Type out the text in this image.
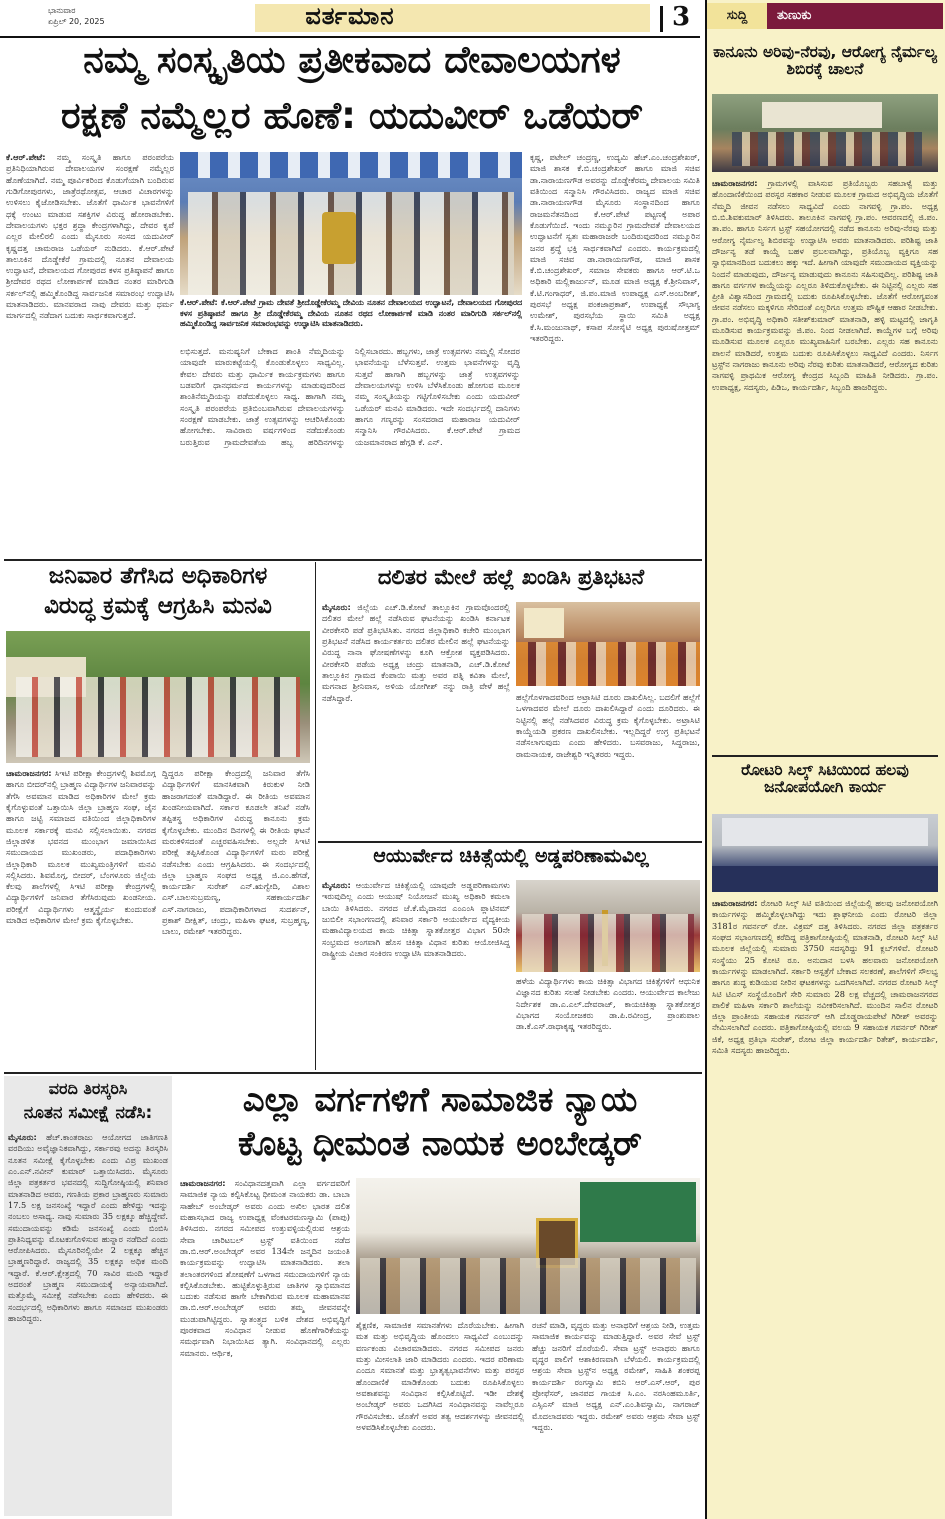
ಭಾನುವಾರ
ಏಪ್ರಿಲ್ 20, 2025	ವರ್ತಮಾನ	3	ಸುದ್ದಿ	ತುಣುಕು
ಕಾನೂನು ಅರಿವು-ನೆರವು, ಆರೋಗ್ಯ ನೈರ್ಮಲ್ಯ ಶಿಬಿರಕ್ಕೆ ಚಾಲನೆ
ಚಾಮರಾಜನಗರ: ಗ್ರಾಮಗಳಲ್ಲಿ ವಾಸಿಸುವ ಪ್ರತಿಯೊಬ್ಬರು ಸಹಬಾಳ್ವೆ ಮತ್ತು ಹೊಂದಾಣಿಕೆಯಿಂದ ಪರಸ್ಪರ ಸಹಕಾರ ನೀಡುವ ಮೂಲಕ ಗ್ರಾಮದ ಅಭಿವೃದ್ಧಿಯ ಜೊತೆಗೆ ನೆಮ್ಮದಿ ಜೀವನ ನಡೆಸಲು ಸಾಧ್ಯವಿದೆ ಎಂದು ನಾಗವಳ್ಳಿ ಗ್ರಾ.ಪಂ. ಅಧ್ಯಕ್ಷ ಬಿ.ಬಿ.ಶಿವಕುಮಾರ್ ತಿಳಿಸಿದರು. ತಾಲೂಕಿನ ನಾಗವಳ್ಳಿ ಗ್ರಾ.ಪಂ. ಆವರಣದಲ್ಲಿ ಜಿ.ಪಂ. ತಾ.ಪಂ. ಹಾಗೂ ನಿರ್ಸಗ ಟ್ರಸ್ಟ್ ಸಹಯೋಗದಲ್ಲಿ ನಡೆದ ಕಾನೂನು ಅರಿವು-ನೆರವು ಮತ್ತು ಆರೋಗ್ಯ ನೈರ್ಮಲ್ಯ ಶಿಬಿರವನ್ನು ಉದ್ಘಾಟಿಸಿ ಅವರು ಮಾತನಾಡಿದರು. ಪರಿಶಿಷ್ಟ ಜಾತಿ ದೌರ್ಜನ್ಯ ತಡೆ ಕಾಯ್ದೆ ಬಹಳ ಪ್ರಬಲವಾಗಿದ್ದು, ಪ್ರತಿಯೊಬ್ಬ ವ್ಯಕ್ತಿಗೂ ಸಹ ಸ್ವಾಭಿಮಾನದಿಂದ ಬದುಕಲು ಹಕ್ಕು ಇದೆ. ಹೀಗಾಗಿ ಯಾವುದೇ ಸಮುದಾಯದ ವ್ಯಕ್ತಿಯನ್ನು ನಿಂದನೆ ಮಾಡುವುದು, ದೌರ್ಜನ್ಯ ಮಾಡುವುದು ಕಾನೂನು ಸಹಿಸುವುದಿಲ್ಲ. ಪರಿಶಿಷ್ಟ ಜಾತಿ ಹಾಗೂ ವರ್ಗಗಳ ಕಾಯ್ದೆಯನ್ನು ಎಲ್ಲರೂ ತಿಳಿದುಕೊಳ್ಳಬೇಕು. ಈ ನಿಟ್ಟಿನಲ್ಲಿ ಎಲ್ಲರು ಸಹ ಪ್ರೀತಿ ವಿಶ್ವಾಸದಿಂದ ಗ್ರಾಮದಲ್ಲಿ ಬದುಕು ರೂಪಿಸಿಕೊಳ್ಳಬೇಕು. ಜೊತೆಗೆ ಆರೋಗ್ಯವಂತ ಜೀವನ ನಡೆಸಲು ಮಕ್ಕಳಿಗೂ ಸೇರಿದಂತೆ ಎಲ್ಲರಿಗೂ ಉತ್ತಮ ಪೌಷ್ಟಿಕ ಆಹಾರ ನೀಡಬೇಕು. ಗ್ರಾ.ಪಂ. ಅಭಿವೃದ್ಧಿ ಅಧಿಕಾರಿ ಸತೀಶ್‌ಕುಮಾರ್ ಮಾತನಾಡಿ, ಹಳ್ಳಿ ಮಟ್ಟದಲ್ಲಿ ಜಾಗೃತಿ ಮೂಡಿಸುವ ಕಾರ್ಯಕ್ರಮವನ್ನು ಜಿ.ಪಂ. ನಿಂದ ನೀಡಲಾಗಿದೆ. ಕಾಯ್ದೆಗಳ ಬಗ್ಗೆ ಅರಿವು ಮೂಡಿಸುವ ಮೂಲಕ ಎಲ್ಲರೂ ಮುಖ್ಯವಾಹಿನಿಗೆ ಬರಬೇಕು. ಎಲ್ಲರು ಸಹ ಕಾನೂನು ಪಾಲನೆ ಮಾಡಿದರೆ, ಉತ್ತಮ ಬದುಕು ರೂಪಿಸಿಕೊಳ್ಳಲು ಸಾಧ್ಯವಿದೆ ಎಂದರು. ನಿರ್ಸಗ ಟ್ರಸ್ಟ್‌ನ ನಾಗರಾಜು ಕಾನೂನು ಅರಿವು ನೆರವು ಕುರಿತು ಮಾತನಾಡಿದರೆ, ಆರೋಗ್ಯದ ಕುರಿತು ನಾಗವಳ್ಳಿ ಪ್ರಾಥಮಿಕ ಆರೋಗ್ಯ ಕೇಂದ್ರದ ಸಿಬ್ಬಂದಿ ಮಾಹಿತಿ ನೀಡಿದರು. ಗ್ರಾ.ಪಂ. ಉಪಾಧ್ಯಕ್ಷ, ಸದಸ್ಯರು, ಪಿಡಿಒ, ಕಾರ್ಯದರ್ಶಿ, ಸಿಬ್ಬಂದಿ ಹಾಜರಿದ್ದರು.
ರೋಟರಿ ಸಿಲ್ಕ್ ಸಿಟಿಯಿಂದ ಹಲವು ಜನೋಪಯೋಗಿ ಕಾರ್ಯ
ಚಾಮರಾಜನಗರ: ರೋಟರಿ ಸಿಲ್ಕ್ ಸಿಟಿ ವತಿಯಿಂದ ಜಿಲ್ಲೆಯಲ್ಲಿ ಹಲವು ಜನೋಪಯೋಗಿ ಕಾರ್ಯಗಳನ್ನು ಹಮ್ಮಿಕೊಳ್ಳಲಾಗಿದ್ದು ಇದು ಶ್ಲಾಘನೀಯ ಎಂದು ರೋಟರಿ ಜಿಲ್ಲಾ 3181ರ ಗವರ್ನರ್ ರೋ. ವಿಕ್ರಮ್ ದತ್ತ ತಿಳಿಸಿದರು. ನಗರದ ಜಿಲ್ಲಾ ಪತ್ರಕರ್ತರ ಸಂಘದ ಸಭಾಂಗಣದಲ್ಲಿ ಕರೆದಿದ್ದ ಪತ್ರಿಕಾಗೋಷ್ಠಿಯಲ್ಲಿ ಮಾತನಾಡಿ, ರೋಟರಿ ಸಿಲ್ಕ್ ಸಿಟಿ ಮೂಲಕ ಜಿಲ್ಲೆಯಲ್ಲಿ ಸುಮಾರು 3750 ಸದಸ್ಯರಿದ್ದು 91 ಕ್ಲಬ್‌ಗಳಿವೆ. ರೋಟರಿ ಸಂಸ್ಥೆಯು 25 ಕೋಟಿ ರೂ. ಅನುದಾನ ಬಳಸಿ ಹಲವಾರು ಜನೋಪಯೋಗಿ ಕಾರ್ಯಗಳನ್ನು ಮಾಡಲಾಗಿದೆ. ಸರ್ಕಾರಿ ಆಸ್ಪತ್ರೆಗೆ ಬೇಕಾದ ಸಲಕರಣೆ, ಶಾಲೆಗಳಿಗೆ ಸೌಲಭ್ಯ ಹಾಗೂ ಶುದ್ಧ ಕುಡಿಯುವ ನೀರಿನ ಘಟಕಗಳನ್ನು ಒದಗಿಸಲಾಗಿದೆ. ನಗರದ ರೋಟರಿ ಸಿಲ್ಕ್ ಸಿಟಿ ಟಿಎಸ್ ಸಂಸ್ಥೆಯೊಂದಿಗೆ ಸೇರಿ ಸುಮಾರು 28 ಲಕ್ಷ ವೆಚ್ಚದಲ್ಲಿ ಚಾಮರಾಜನಗರದ ಪಾಲಿಕೆ ಮಹಿಳಾ ಸರ್ಕಾರಿ ಶಾಲೆಯನ್ನು ನವೀಕರಿಸಲಾಗಿದೆ. ಮುಂದಿನ ಸಾಲಿನ ರೋಟರಿ ಜಿಲ್ಲಾ ಪ್ರಾಂತೀಯ ಸಹಾಯಕ ಗವರ್ನರ್ ಆಗಿ ದೊಡ್ಡರಾಯಪೇಟೆ ಗಿರೀಶ್ ಅವರನ್ನು ನೇಮಿಸಲಾಗಿದೆ ಎಂದರು. ಪತ್ರಿಕಾಗೋಷ್ಠಿಯಲ್ಲಿ ವಲಯ 9 ಸಹಾಯಕ ಗವರ್ನರ್ ಗಿರೀಶ್ ಜಿಕೆ, ಅಧ್ಯಕ್ಷ ಪ್ರತಿಭಾ ಸುರೇಶ್, ರೋಟ ಜಿಲ್ಲಾ ಕಾರ್ಯದರ್ಶಿ ರಿತೇಶ್, ಕಾರ್ಯದರ್ಶಿ, ಸಮಿತಿ ಸದಸ್ಯರು ಹಾಜರಿದ್ದರು.
ನಮ್ಮ ಸಂಸ್ಕೃತಿಯ ಪ್ರತೀಕವಾದ ದೇವಾಲಯಗಳ
ರಕ್ಷಣೆ ನಮ್ಮೆಲ್ಲರ ಹೊಣೆ: ಯದುವೀರ್ ಒಡೆಯರ್
ಕೆ.ಆರ್.ಪೇಟೆ: ನಮ್ಮ ಸಂಸ್ಕೃತಿ ಹಾಗೂ ಪರಂಪರೆಯ ಪ್ರತಿನಿಧಿಯಾಗಿರುವ ದೇವಾಲಯಗಳ ಸಂರಕ್ಷಣೆ ನಮ್ಮೆಲ್ಲರ ಹೊಣೆಯಾಗಿದೆ. ನಮ್ಮ ಪೂರ್ವಿಕರಿಂದ ಕೊಡುಗೆಯಾಗಿ ಬಂದಿರುವ ಗುಡಿಗೋಪುರಗಳು, ಜಾತ್ರೆರಥೋತ್ಸವ, ಆಚಾರ ವಿಚಾರಗಳನ್ನು ಉಳಿಸಲು ಕೈಜೋಡಿಸಬೇಕು. ಜೊತೆಗೆ ಧಾರ್ಮಿಕ ಭಾವನೆಗಳಿಗೆ ಧಕ್ಕೆ ಉಂಟು ಮಾಡುವ ಸಶಕ್ತಿಗಳ ವಿರುದ್ಧ ಹೋರಾಡಬೇಕು. ದೇವಾಲಯಗಳು ಭಕ್ತರ ಶ್ರದ್ಧಾ ಕೇಂದ್ರಗಳಾಗಿದ್ದು, ದೇವರ ಕೃಪೆ ಎಲ್ಲರ ಮೇಲಿರಲಿ ಎಂದು ಮೈಸೂರು ಸಂಸದ ಯದುವೀರ್ ಕೃಷ್ಣದತ್ತ ಚಾಮರಾಜ ಒಡೆಯರ್ ನುಡಿದರು. ಕೆ.ಆರ್.ಪೇಟೆ ತಾಲೂಕಿನ ದೊಡ್ಡೇಕೆರೆ ಗ್ರಾಮದಲ್ಲಿ ನೂತನ ದೇವಾಲಯ ಉದ್ಘಾಟನೆ, ದೇವಾಲಯದ ಗೋಪುರದ ಕಳಸ ಪ್ರತಿಷ್ಠಾಪನೆ ಹಾಗೂ ಶ್ರೀದೇವರ ರಥದ ಲೋಕಾರ್ಪಣೆ ಮಾಡಿದ ನಂತರ ಮಾರಿಗುಡಿ ಸರ್ಕಲ್‌ನಲ್ಲಿ ಹಮ್ಮಿಕೊಂಡಿದ್ದ ಸಾರ್ವಜನಿಕ ಸಮಾರಂಭ ಉದ್ಘಾಟಿಸಿ ಮಾತನಾಡಿದರು. ಮಾನವರಾದ ನಾವು ದೇವರು ಮತ್ತು ಧರ್ಮ ಮಾರ್ಗದಲ್ಲಿ ನಡೆದಾಗ ಬದುಕು ಸಾರ್ಥಕವಾಗುತ್ತದೆ.
ಕೆ.ಆರ್.ಪೇಟೆ: ಕೆ.ಆರ್.ಪೇಟೆ ಗ್ರಾಮ ದೇವತೆ ಶ್ರೀದೊಡ್ಡೇಕೆರಮ್ಮ ದೇವಿಯ ನೂತನ ದೇವಾಲಯದ ಉದ್ಘಾಟನೆ, ದೇವಾಲಯದ ಗೋಪುರದ ಕಳಸ ಪ್ರತಿಷ್ಠಾಪನೆ ಹಾಗೂ ಶ್ರೀ ದೊಡ್ಡೇಕೆರಮ್ಮ ದೇವಿಯ ನೂತನ ರಥದ ಲೋಕಾರ್ಪಣೆ ಮಾಡಿ ನಂತರ ಮಾರಿಗುಡಿ ಸರ್ಕಲ್‌ನಲ್ಲಿ ಹಮ್ಮಿಕೊಂಡಿದ್ದ ಸಾರ್ವಜನಿಕ ಸಮಾರಂಭವನ್ನು ಉದ್ಘಾಟಿಸಿ ಮಾತನಾಡಿದರು.
ಲಭಿಸುತ್ತದೆ. ಮನುಷ್ಯನಿಗೆ ಬೇಕಾದ ಶಾಂತಿ ನೆಮ್ಮದಿಯನ್ನು ಯಾವುದೇ ಮಾರುಕಟ್ಟೆಯಲ್ಲಿ ಕೊಂಡುಕೊಳ್ಳಲು ಸಾಧ್ಯವಿಲ್ಲ. ಕೇವಲ ದೇವರು ಮತ್ತು ಧಾರ್ಮಿಕ ಕಾರ್ಯಕ್ರಮಗಳು ಹಾಗೂ ಬಡವರಿಗೆ ಧಾನಧರ್ಮದ ಕಾರ್ಯಗಳನ್ನು ಮಾಡುವುದರಿಂದ ಶಾಂತಿನೆಮ್ಮದಿಯನ್ನು ಪಡೆದುಕೊಳ್ಳಲು ಸಾಧ್ಯ. ಹಾಗಾಗಿ ನಮ್ಮ ಸಂಸ್ಕೃತಿ ಪರಂಪರೆಯ ಪ್ರತಿಬಿಂಬವಾಗಿರುವ ದೇವಾಲಯಗಳನ್ನು ಸಂರಕ್ಷಣೆ ಮಾಡಬೇಕು. ಜಾತ್ರೆ ಉತ್ಸವಗಳನ್ನು ಆಚರಿಸಿಕೊಂಡು ಹೋಗಬೇಕು. ಸಾವಿರಾರು ವರ್ಷಗಳಿಂದ ನಡೆದುಕೊಂಡು ಬರುತ್ತಿರುವ ಗ್ರಾಮದೇವತೆಯ ಹಬ್ಬ ಹರಿದಿನಗಳನ್ನು ನಿಲ್ಲಿಸಬಾರದು. ಹಬ್ಬಗಳು, ಜಾತ್ರೆ ಉತ್ಸವಗಳು ನಮ್ಮಲ್ಲಿ ಸೋದರ ಭಾವನೆಯನ್ನು ಬೆಳೆಸುತ್ತವೆ. ಉತ್ತಮ ಭಾವನೆಗಳನ್ನು ವೃದ್ಧಿ ಸುತ್ತವೆ ಹಾಗಾಗಿ ಹಬ್ಬಗಳನ್ನು ಜಾತ್ರೆ ಉತ್ಸವಗಳನ್ನು ದೇವಾಲಯಗಳನ್ನು ಉಳಿಸಿ ಬೆಳೆಸಿಕೊಂಡು ಹೋಗುವ ಮೂಲಕ ನಮ್ಮ ಸಂಸ್ಕೃತಿಯನ್ನು ಗಟ್ಟಿಗೊಳಿಸಬೇಕು ಎಂದು ಯದುವೀರ್ ಒಡೆಯರ್ ಮನವಿ ಮಾಡಿದರು. ಇದೇ ಸಂದರ್ಭದಲ್ಲಿ ದಾನಿಗಳು ಹಾಗೂ ಗಣ್ಯರನ್ನು ಸಂಸದರಾದ ಮಹಾರಾಜ ಯದುವೀರ್ ಸನ್ಮಾನಿಸಿ ಗೌರವಿಸಿದರು. ಕೆ.ಆರ್.ಪೇಟೆ ಗ್ರಾಮದ ಯಜಮಾನರಾದ ಹೆಗ್ಗಡಿ ಕೆ. ಎನ್.
ಕೃಷ್ಣ, ಪಟೇಲ್ ಚಂದ್ರಣ್ಣ, ಉದ್ಯಮಿ ಹೆಚ್.ಎಂ.ಚಂದ್ರಶೇಖರ್, ಮಾಜಿ ಶಾಸಕ ಕೆ.ಬಿ.ಚಂದ್ರಶೇಖರ್ ಹಾಗೂ ಮಾಜಿ ಸಚಿವ ಡಾ.ನಾರಾಯಣಗೌಡ ಅವರನ್ನು ದೊಡ್ಡೇಕೆರಮ್ಮ ದೇವಾಲಯ ಸಮಿತಿ ವತಿಯಿಂದ ಸನ್ಮಾನಿಸಿ ಗೌರವಿಸಿದರು. ರಾಜ್ಯದ ಮಾಜಿ ಸಚಿವ ಡಾ.ನಾರಾಯಣಗೌಡ ಮೈಸೂರು ಸಂಸ್ಥಾನದಿಂದ ಹಾಗೂ ರಾಜಮನೆತನದಿಂದ ಕೆ.ಆರ್.ಪೇಟೆ ಪಟ್ಟಣಕ್ಕೆ ಅಪಾರ ಕೊಡುಗೆಯಿದೆ. ಇಂದು ನಮ್ಮೂರಿನ ಗ್ರಾಮದೇವತೆ ದೇವಾಲಯದ ಉದ್ಘಾಟನೆಗೆ ಸ್ವತಃ ಮಹಾರಾಜರೇ ಬಂದಿರುವುದರಿಂದ ನಮ್ಮೂರಿನ ಜನರ ಶ್ರದ್ಧೆ ಭಕ್ತಿ ಸಾರ್ಥಕವಾಗಿದೆ ಎಂದರು. ಕಾರ್ಯಕ್ರಮದಲ್ಲಿ ಮಾಜಿ ಸಚಿವ ಡಾ.ನಾರಾಯಣಗೌಡ, ಮಾಜಿ ಶಾಸಕ ಕೆ.ಬಿ.ಚಂದ್ರಶೇಖರ್, ಸಮಾಜ ಸೇವಕರು ಹಾಗೂ ಆರ್.ಟಿ.ಒ ಅಧಿಕಾರಿ ಮಲ್ಲಿಕಾರ್ಜುನ್, ಮೂಡ ಮಾಜಿ ಅಧ್ಯಕ್ಷ ಕೆ.ಶ್ರೀನಿವಾಸ್, ಕೆ.ಟಿ.ಗಂಗಾಧರ್, ಜಿ.ಪಂ.ಮಾಜಿ ಉಪಾಧ್ಯಕ್ಷ ಎಸ್.ಅಂಬರೀಶ್, ಪುರಸಭೆ ಅಧ್ಯಕ್ಷ ಪಂಕಜಾಪ್ರಕಾಶ್, ಉಪಾಧ್ಯಕ್ಷೆ ಸೌಭಾಗ್ಯ ಉಮೇಶ್, ಪುರಸಭೆಯ ಸ್ಥಾಯಿ ಸಮಿತಿ ಅಧ್ಯಕ್ಷ ಕೆ.ಸಿ.ಮಂಜುನಾಥ್, ಕಸಾಪ ಸೋಸೈಟಿ ಅಧ್ಯಕ್ಷ ಪುರುಷೋತ್ತಮ್ ಇತರರಿದ್ದರು.
ಜನಿವಾರ ತೆಗೆಸಿದ ಅಧಿಕಾರಿಗಳ
ವಿರುದ್ಧ ಕ್ರಮಕ್ಕೆ ಆಗ್ರಹಿಸಿ ಮನವಿ
ಚಾಮರಾಜನಗರ: ಸಿಇಟಿ ಪರೀಕ್ಷಾ ಕೇಂದ್ರಗಳಲ್ಲಿ ಶಿವಮೊಗ್ಗ ಹಾಗೂ ಬೀದರ್‌ನಲ್ಲಿ ಬ್ರಾಹ್ಮಣ ವಿದ್ಯಾರ್ಥಿಗಳ ಜನಿವಾರವನ್ನು ತೆಗೆಸಿ ಅವಮಾನ ಮಾಡಿದ ಅಧಿಕಾರಿಗಳ ಮೇಲೆ ಕ್ರಮ ಕೈಗೊಳ್ಳುವಂತೆ ಒತ್ತಾಯಿಸಿ ಜಿಲ್ಲಾ ಬ್ರಾಹ್ಮಣ ಸಂಘ, ಜೈನ ಹಾಗೂ ಜಟ್ಟಿ ಸಮಾಜದ ವತಿಯಿಂದ ಜಿಲ್ಲಾಧಿಕಾರಿಗಳ ಮೂಲಕ ಸರ್ಕಾರಕ್ಕೆ ಮನವಿ ಸಲ್ಲಿಸಲಾಯಿತು. ನಗರದ ಜಿಲ್ಲಾಡಳಿತ ಭವನದ ಮುಂಭಾಗ ಜಮಾಯಿಸಿದ ಸಮುದಾಯದ ಮುಖಂಡರು, ಪದಾಧಿಕಾರಿಗಳು ಜಿಲ್ಲಾಧಿಕಾರಿ ಮೂಲಕ ಮುಖ್ಯಮಂತ್ರಿಗಳಿಗೆ ಮನವಿ ಸಲ್ಲಿಸಿದರು. ಶಿವಮೊಗ್ಗ, ಬೀದರ್, ಬೆಂಗಳೂರು ಜಿಲ್ಲೆಯ ಕೆಲವು ಶಾಲೆಗಳಲ್ಲಿ ಸಿಇಟಿ ಪರೀಕ್ಷಾ ಕೇಂದ್ರಗಳಲ್ಲಿ ವಿದ್ಯಾರ್ಥಿಗಳಿಗೆ ಜನಿವಾರ ತೆಗೆಸಿರುವುದು ಖಂಡನೀಯ. ಪರೀಕ್ಷೆಗೆ ವಿದ್ಯಾರ್ಥಿಗಳು ಆತ್ಮಸ್ಥೈರ್ಯ ಕುಂದುವಂತೆ ಮಾಡಿದ ಅಧಿಕಾರಿಗಳ ಮೇಲೆ ಕ್ರಮ ಕೈಗೊಳ್ಳಬೇಕು.
ದ್ದಿದ್ದರೂ ಪರೀಕ್ಷಾ ಕೇಂದ್ರದಲ್ಲಿ ಜನಿವಾರ ತೆಗೆಸಿ ವಿದ್ಯಾರ್ಥಿಗಳಿಗೆ ಮಾನಸಿಕವಾಗಿ ಕಿರುಕುಳ ನೀಡಿ ಹಾಜರಾಗದಂತೆ ಮಾಡಿದ್ದಾರೆ. ಈ ರೀತಿಯ ಅವಮಾನ ಖಂಡನೀಯವಾಗಿದೆ. ಸರ್ಕಾರ ಕೂಡಲೇ ತನಿಖೆ ನಡೆಸಿ ತಪ್ಪಿತಸ್ಥ ಅಧಿಕಾರಿಗಳ ವಿರುದ್ಧ ಕಾನೂನು ಕ್ರಮ ಕೈಗೊಳ್ಳಬೇಕು. ಮುಂದಿನ ದಿನಗಳಲ್ಲಿ ಈ ರೀತಿಯ ಘಟನೆ ಮರುಕಳಿಸದಂತೆ ಎಚ್ಚರವಹಿಸಬೇಕು. ಅಲ್ಲದೇ ಸಿಇಟಿ ಪರೀಕ್ಷೆ ತಪ್ಪಿಸಿಕೊಂಡ ವಿದ್ಯಾರ್ಥಿಗಳಿಗೆ ಮರು ಪರೀಕ್ಷೆ ನಡೆಸಬೇಕು ಎಂದು ಆಗ್ರಹಿಸಿದರು. ಈ ಸಂದರ್ಭದಲ್ಲಿ ಜಿಲ್ಲಾ ಬ್ರಾಹ್ಮಣ ಸಂಘದ ಅಧ್ಯಕ್ಷ ಜಿ.ಎಂ.ಹೆಗಡೆ, ಕಾರ್ಯದರ್ಶಿ ಸುರೇಶ್ ಎನ್.ಋಗ್ವೇದಿ, ವಿಶಾಲ ಎಸ್.ಬಾಲಸುಬ್ರಮಣ್ಯ, ಸಹಕಾರ್ಯದರ್ಶಿ ಎಸ್.ನಾಗರಾಜು, ಪದಾಧಿಕಾರಿಗಳಾದ ಸುದರ್ಶನ್, ಪ್ರಕಾಶ್ ದೀಕ್ಷಿತ್, ಚಂದ್ರು, ಮಹಿಳಾ ಘಟಕ, ಸುಬ್ರಹ್ಮಣ್ಯ, ಬಾಲು, ರಮೇಶ್ ಇತರರಿದ್ದರು.
ದಲಿತರ ಮೇಲೆ ಹಲ್ಲೆ ಖಂಡಿಸಿ ಪ್ರತಿಭಟನೆ
ಮೈಸೂರು: ಜಿಲ್ಲೆಯ ಎಚ್.ಡಿ.ಕೋಟೆ ತಾಲ್ಲೂಕಿನ ಗ್ರಾಮವೊಂದರಲ್ಲಿ ದಲಿತರ ಮೇಲೆ ಹಲ್ಲೆ ನಡೆಸಿರುವ ಘಟನೆಯನ್ನು ಖಂಡಿಸಿ ಕರ್ನಾಟಕ ವೀರಕೇಸರಿ ಪಡೆ ಪ್ರತಿಭಟಿಸಿತು. ನಗರದ ಜಿಲ್ಲಾಧಿಕಾರಿ ಕಚೇರಿ ಮುಂಭಾಗ ಪ್ರತಿಭಟನೆ ನಡೆಸಿದ ಕಾರ್ಯಕರ್ತರು ದಲಿತರ ಮೇಲಿನ ಹಲ್ಲೆ ಘಟನೆಯನ್ನು ವಿರುದ್ಧ ನಾನಾ ಘೋಷಣೆಗಳನ್ನು ಕೂಗಿ ಆಕ್ರೋಶ ವ್ಯಕ್ತಪಡಿಸಿದರು. ವೀರಕೇಸರಿ ಪಡೆಯ ಅಧ್ಯಕ್ಷ ಚಂದ್ರು ಮಾತನಾಡಿ, ಎಚ್.ಡಿ.ಕೋಟೆ ತಾಲ್ಲೂಕಿನ ಗ್ರಾಮದ ಕೆಂಪಾಯಿ ಮತ್ತು ಅವರ ಪತ್ನಿ ಕವಿತಾ ಮೇಲೆ, ಮಗನಾದ ಶ್ರೀನಿವಾಸ, ಅಳಿಯ ಯೋಗೀಶ್ ನನ್ನು ರಾತ್ರಿ ವೇಳೆ ಹಲ್ಲೆ ನಡೆಸಿದ್ದಾರೆ.	ಹಲ್ಲೆಗೊಳಗಾದವರಿಂದ ಅಟ್ರಾಸಿಟಿ ದೂರು ದಾಖಲಿಸಿಲ್ಲ. ಬದಲಿಗೆ ಹಲ್ಲೆಗೆ ಒಳಗಾದವರ ಮೇಲೆ ದೂರು ದಾಖಲಿಸಿದ್ದಾರೆ ಎಂದು ದೂರಿದರು. ಈ ನಿಟ್ಟಿನಲ್ಲಿ ಹಲ್ಲೆ ನಡೆಸಿದವರ ವಿರುದ್ಧ ಕ್ರಮ ಕೈಗೊಳ್ಳಬೇಕು. ಅಟ್ರಾಸಿಟಿ ಕಾಯ್ದೆಯಡಿ ಪ್ರಕರಣ ದಾಖಲಿಸಬೇಕು. ಇಲ್ಲದಿದ್ದರೆ ಉಗ್ರ ಪ್ರತಿಭಟನೆ ನಡೆಸಲಾಗುವುದು ಎಂದು ಹೇಳಿದರು. ಬಸವರಾಜು, ಸಿದ್ದರಾಜು, ರಾಮನಾಯಕ, ರಾಜೇಶ್ವರಿ ಇನ್ನಿತರರು ಇದ್ದರು.
ಆಯುರ್ವೇದ ಚಿಕಿತ್ಸೆಯಲ್ಲಿ ಅಡ್ಡಪರಿಣಾಮವಿಲ್ಲ
ಮೈಸೂರು: ಆಯುರ್ವೇದ ಚಿಕಿತ್ಸೆಯಲ್ಲಿ ಯಾವುದೇ ಅಡ್ಡಪರಿಣಾಮಗಳು ಇರುವುದಿಲ್ಲ ಎಂದು ಆಯುಷ್ ನಿಯೋಜನೆ ಮುಖ್ಯ ಅಧಿಕಾರಿ ಕಮಲಾ ಬಾಯಿ ತಿಳಿಸಿದರು. ನಗರದ ಜೆ.ಕೆ.ಮೈದಾನದ ಎಂಎಂಸಿ ಪ್ಲಾಟಿನಮ್ ಜುಬಿಲೀ ಸಭಾಂಗಣದಲ್ಲಿ ಶನಿವಾರ ಸರ್ಕಾರಿ ಆಯುರ್ವೇದ ವೈದ್ಯಕೀಯ ಮಹಾವಿದ್ಯಾಲಯದ ಕಾಯ ಚಿಕಿತ್ಸಾ ಸ್ನಾತಕೋತ್ತರ ವಿಭಾಗ 50ನೇ ಸಂಭ್ರಮದ ಅಂಗವಾಗಿ ಹೊಸ ಚಿಕಿತ್ಸಾ ವಿಧಾನ ಕುರಿತು ಆಯೋಜಿಸಿದ್ದ ರಾಷ್ಟ್ರೀಯ ವಿಚಾರ ಸಂಕಿರಣ ಉದ್ಘಾಟಿಸಿ ಮಾತನಾಡಿದರು.
ಹಳೆಯ ವಿದ್ಯಾರ್ಥಿಗಳು ಕಾಯ ಚಿಕಿತ್ಸಾ ವಿಭಾಗದ ಚಿಕಿತ್ಸೆಗಳಿಗೆ ಆಧುನಿಕ ವಿಜ್ಞಾನದ ಕುರಿತು ಸಲಹೆ ನೀಡಬೇಕು ಎಂದರು. ಆಯುರ್ವೇದ ಕಾಲೇಜು ನಿರ್ದೇಶಕ ಡಾ.ಎ.ಎಲ್.ದೇವರಾಜ್, ಕಾಯಚಿಕಿತ್ಸಾ ಸ್ನಾತಕೋತ್ತರ ವಿಭಾಗದ ಸಂಯೋಜಕರು ಡಾ.ಪಿ.ರವೀಂದ್ರ, ಪ್ರಾಂಶುಪಾಲ ಡಾ.ಕೆ.ಎಸ್.ರಾಧಾಕೃಷ್ಣ ಇತರರಿದ್ದರು.
ವರದಿ ತಿರಸ್ಕರಿಸಿ
ನೂತನ ಸಮೀಕ್ಷೆ ನಡೆಸಿ:
ಮೈಸೂರು: ಹೆಚ್.ಕಾಂತರಾಜು ಆಯೋಗದ ಜಾತಿಗಣತಿ ವರದಿಯು ಅವೈಜ್ಞಾನಿಕವಾಗಿದ್ದು, ಸರ್ಕಾರವು ಅದನ್ನು ತಿರಸ್ಕರಿಸಿ ನೂತನ ಸಮೀಕ್ಷೆ ಕೈಗೊಳ್ಳಬೇಕು ಎಂದು ವಿಪ್ರ ಮುಖಂಡ ಎಂ.ಎನ್.ನವೀನ್ ಕುಮಾರ್ ಒತ್ತಾಯಿಸಿದರು. ಮೈಸೂರು ಜಿಲ್ಲಾ ಪತ್ರಕರ್ತರ ಭವನದಲ್ಲಿ ಸುದ್ದಿಗೋಷ್ಠಿಯಲ್ಲಿ ಶನಿವಾರ ಮಾತನಾಡಿದ ಅವರು, ಗಣತಿಯ ಪ್ರಕಾರ ಬ್ರಾಹ್ಮಣರು ಸುಮಾರು 17.5 ಲಕ್ಷ ಜನಸಂಖ್ಯೆ ಇದ್ದಾರೆ ಎಂದು ಹೇಳಿದ್ದು ಇದನ್ನು ನಂಬಲು ಅಸಾಧ್ಯ. ನಾವು ಸುಮಾರು 35 ಲಕ್ಷಕ್ಕೂ ಹೆಚ್ಚಿದ್ದೇವೆ. ಸಮುದಾಯವನ್ನು ಕಡಿಮೆ ಜನಸಂಖ್ಯೆ ಎಂದು ಬಿಂಬಿಸಿ ಪ್ರಾತಿನಿಧ್ಯವನ್ನು ಮೊಟಕುಗೊಳಿಸುವ ಹುನ್ನಾರ ನಡೆದಿದೆ ಎಂದು ಆರೋಪಿಸಿದರು. ಮೈಸೂರಿನಲ್ಲಿಯೇ 2 ಲಕ್ಷಕ್ಕೂ ಹೆಚ್ಚಿನ ಬ್ರಾಹ್ಮಣರಿದ್ದಾರೆ. ರಾಜ್ಯದಲ್ಲಿ 35 ಲಕ್ಷಕ್ಕೂ ಅಧಿಕ ಮಂದಿ ಇದ್ದಾರೆ. ಕೆ.ಆರ್.ಕ್ಷೇತ್ರದಲ್ಲಿ 70 ಸಾವಿರ ಮಂದಿ ಇದ್ದಾರೆ ಅದರಂತೆ ಬ್ರಾಹ್ಮಣ ಸಮುದಾಯಕ್ಕೆ ಅನ್ಯಾಯವಾಗಿದೆ. ಮತ್ತೊಮ್ಮೆ ಸಮೀಕ್ಷೆ ನಡೆಸಬೇಕು ಎಂದು ಹೇಳಿದರು. ಈ ಸಂದರ್ಭದಲ್ಲಿ ಅಧಿಕಾರಿಗಳು ಹಾಗೂ ಸಮಾಜದ ಮುಖಂಡರು ಹಾಜರಿದ್ದರು.
ಎಲ್ಲಾ ವರ್ಗಗಳಿಗೆ ಸಾಮಾಜಿಕ ನ್ಯಾಯ
ಕೊಟ್ಟ ಧೀಮಂತ ನಾಯಕ ಅಂಬೇಡ್ಕರ್
ಚಾಮರಾಜನಗರ: ಸಂವಿಧಾನದತ್ತವಾಗಿ ಎಲ್ಲಾ ವರ್ಗದವರಿಗೆ ಸಾಮಾಜಿಕ ನ್ಯಾಯ ಕಲ್ಪಿಸಿಕೊಟ್ಟ ಧೀಮಂತ ನಾಯಕರು ಡಾ. ಬಾಬಾ ಸಾಹೇಬ್ ಅಂಬೇಡ್ಕರ್ ಅವರು ಎಂದು ಅಖಿಲ ಭಾರತ ದಲಿತ ಮಹಾಸಭಾದ ರಾಜ್ಯ ಉಪಾಧ್ಯಕ್ಷ ವೆಂಕಟರಮಣಸ್ವಾಮಿ (ಪಾಪು) ತಿಳಿಸಿದರು. ನಗರದ ಸಮೀಪದ ಉತ್ತುವಳ್ಳಿಯಲ್ಲಿರುವ ಆಶ್ರಯ ಸೇವಾ ಚಾರಿಟಬಲ್ ಟ್ರಸ್ಟ್ ವತಿಯಿಂದ ನಡೆದ ಡಾ.ಬಿ.ಆರ್.ಅಂಬೇಡ್ಕರ್ ಅವರ 134ನೇ ಜನ್ಮದಿನ ಜಯಂತಿ ಕಾರ್ಯಕ್ರಮವನ್ನು ಉದ್ಘಾಟಿಸಿ ಮಾತನಾಡಿದರು. ತಲಾ ತಲಾಂತರಗಳಿಂದ ಶೋಷಣೆಗೆ ಒಳಗಾದ ಸಮುದಾಯಗಳಿಗೆ ನ್ಯಾಯ ಕಲ್ಪಿಸಿಕೊಡಬೇಕು. ಹುಟ್ಟಿಕೊಳ್ಳುತ್ತಿರುವ ಜಾತಿಗಳ ಸ್ವಾಭಿಮಾನದ ಬದುಕು ನಡೆಸುವ ಹಾಗೇ ಬೇಕಾಗಿರುವ ಮೂಲಕ ಮಹಾಮಾನವ ಡಾ.ಬಿ.ಆರ್.ಅಂಬೇಡ್ಕರ್ ಅವರು ತಮ್ಮ ಜೀವನವನ್ನೇ ಮುಡುಪಾಗಿಟ್ಟಿದ್ದರು. ಸ್ವಾತಂತ್ರ್ಯದ ಬಳಿಕ ದೇಶದ ಅಭಿವೃದ್ಧಿಗೆ ಪೂರಕವಾದ ಸಂವಿಧಾನ ನೀಡುವ ಹೊಣೆಗಾರಿಕೆಯನ್ನು ಸಮರ್ಥವಾಗಿ ನಿಭಾಯಿಸಿದ ತ್ಯಾಗಿ. ಸಂವಿಧಾನದಲ್ಲಿ ಎಲ್ಲರು ಸಮಾನರು. ಆರ್ಥಿಕ,
ಶೈಕ್ಷಣಿಕ, ಸಾಮಾಜಿಕ ಸಮಾನತೆಗಳು ದೊರೆಯಬೇಕು. ಹೀಗಾಗಿ ಮತ ಮತ್ತು ಅಭಿವೃದ್ಧಿಯ ಹೊಂದಲು ಸಾಧ್ಯವಿದೆ ಎಂಬುದನ್ನು ವರ್ಣಕಂಡು ವಿಚಾರಮಾಡಿದರು. ನಗರದ ಸಮೀಪದ ಜನರು ಮತ್ತು ಮೀಸಲಾತಿ ಜಾರಿ ಮಾಡಿದರು ಎಂದರು. ಇದರ ಪರಿಣಾಮ ಎಂದೂ ಸಮಾನತೆ ಮತ್ತು ಭ್ರಾತೃತ್ವಭಾವನೆಗಳು ಮತ್ತು ಪರಸ್ಪರ ಹೊಂದಾಣಿಕೆ ಮಾಡಿಕೊಂಡು ಬದುಕು ರೂಪಿಸಿಕೊಳ್ಳಲು ಅವಕಾಶವನ್ನು ಸಂವಿಧಾನ ಕಲ್ಪಿಸಿಕೊಟ್ಟಿದೆ. ಇಡೀ ದೇಶಕ್ಕೆ ಅಂಬೇಡ್ಕರ್ ಅವರು ಒದಗಿಸಿದ ಸಂವಿಧಾನವನ್ನು ನಾವೆಲ್ಲರೂ ಗೌರವಿಸಬೇಕು. ಜೊತೆಗೆ ಅವರ ತತ್ವ ಆದರ್ಶಗಳನ್ನು ಜೀವನದಲ್ಲಿ ಅಳವಡಿಸಿಕೊಳ್ಳಬೇಕು ಎಂದರು.
ರಚನೆ ಮಾಡಿ, ವೃದ್ಧರು ಮತ್ತು ಅನಾಥರಿಗೆ ಆಶ್ರಯ ನೀಡಿ, ಉತ್ತಮ ಸಾಮಾಜಿಕ ಕಾರ್ಯವನ್ನು ಮಾಡುತ್ತಿದ್ದಾರೆ. ಅವರ ಸೇವೆ ಟ್ರಸ್ಟ್ ಹೆಚ್ಚು ಜನರಿಗೆ ದೊರೆಯಲಿ. ಸೇವಾ ಟ್ರಸ್ಟ್ ಅನಾಥರು ಹಾಗೂ ವೃದ್ಧರ ಪಾಲಿಗೆ ಆಶಾಕಿರಣವಾಗಿ ಬೆಳೆಯಲಿ. ಕಾರ್ಯಕ್ರಮದಲ್ಲಿ ಆಶ್ರಯ ಸೇವಾ ಟ್ರಸ್ಟ್‌ನ ಅಧ್ಯಕ್ಷ ರಮೇಶ್, ಸಾಹಿತಿ ಶಂಕರಪ್ಪ ಕಾರ್ಯದರ್ಶಿ ರಂಗಸ್ವಾಮಿ ಕಬಿನಿ ಆರ್.ಎಸ್.ಆರ್, ಪುರ ಪ್ರೋಫೆಸರ್, ಜಾನಪದ ಗಾಯಕ ಸಿ.ಎಂ. ನರಸಿಂಹಮೂರ್ತಿ, ಎಸ್ಸಿಎಸ್ ಮಾಜಿ ಅಧ್ಯಕ್ಷ ಎನ್.ಎಂ.ಶಿವಸ್ವಾಮಿ, ನಾಗರಾಜ್ ಮೊದಲಾದವರು ಇದ್ದರು. ರಮೇಶ್ ಅವರು ಆಶ್ರಮ ಸೇವಾ ಟ್ರಸ್ಟ್ ಇದ್ದರು.
